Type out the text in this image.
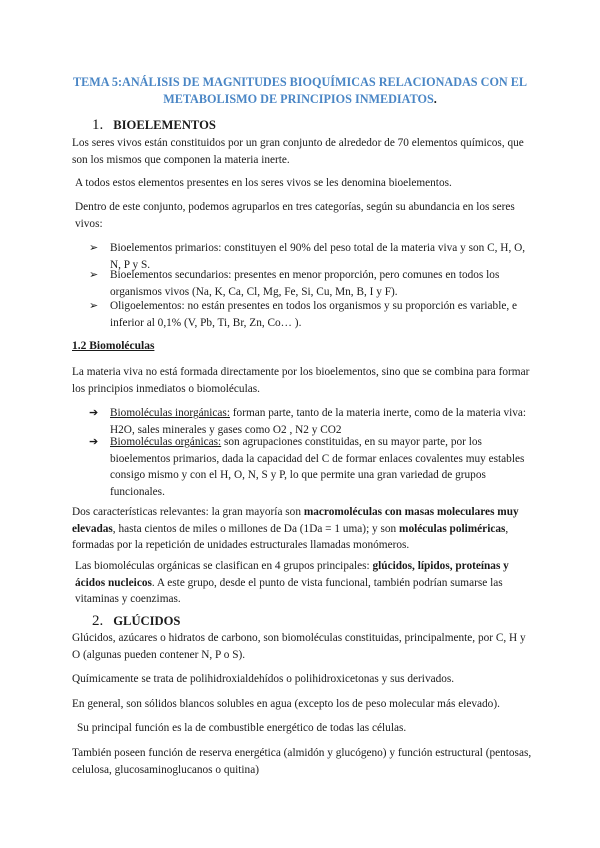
TEMA 5:ANÁLISIS DE MAGNITUDES BIOQUÍMICAS RELACIONADAS CON EL
METABOLISMO DE PRINCIPIOS INMEDIATOS.
1. BIOELEMENTOS
Los seres vivos están constituidos por un gran conjunto de alrededor de 70 elementos químicos, que son los mismos que componen la materia inerte.
A todos estos elementos presentes en los seres vivos se les denomina bioelementos.
Dentro de este conjunto, podemos agruparlos en tres categorías, según su abundancia en los seres vivos:
➢ Bioelementos primarios: constituyen el 90% del peso total de la materia viva y son C, H, O, N, P y S.
➢ Bioelementos secundarios: presentes en menor proporción, pero comunes en todos los organismos vivos (Na, K, Ca, Cl, Mg, Fe, Si, Cu, Mn, B, I y F).
➢ Oligoelementos: no están presentes en todos los organismos y su proporción es variable, e inferior al 0,1% (V, Pb, Ti, Br, Zn, Co… ).
1.2 Biomoléculas
La materia viva no está formada directamente por los bioelementos, sino que se combina para formar los principios inmediatos o biomoléculas.
➔ Biomoléculas inorgánicas: forman parte, tanto de la materia inerte, como de la materia viva: H2O, sales minerales y gases como O2 , N2 y CO2
➔ Biomoléculas orgánicas: son agrupaciones constituidas, en su mayor parte, por los bioelementos primarios, dada la capacidad del C de formar enlaces covalentes muy estables consigo mismo y con el H, O, N, S y P, lo que permite una gran variedad de grupos funcionales.
Dos características relevantes: la gran mayoría son macromoléculas con masas moleculares muy elevadas, hasta cientos de miles o millones de Da (1Da = 1 uma); y son moléculas poliméricas, formadas por la repetición de unidades estructurales llamadas monómeros.
Las biomoléculas orgánicas se clasifican en 4 grupos principales: glúcidos, lípidos, proteínas y ácidos nucleicos. A este grupo, desde el punto de vista funcional, también podrían sumarse las vitaminas y coenzimas.
2. GLÚCIDOS
Glúcidos, azúcares o hidratos de carbono, son biomoléculas constituidas, principalmente, por C, H y O (algunas pueden contener N, P o S).
Químicamente se trata de polihidroxialdehídos o polihidroxicetonas y sus derivados.
En general, son sólidos blancos solubles en agua (excepto los de peso molecular más elevado).
Su principal función es la de combustible energético de todas las células.
También poseen función de reserva energética (almidón y glucógeno) y función estructural (pentosas, celulosa, glucosaminoglucanos o quitina)
